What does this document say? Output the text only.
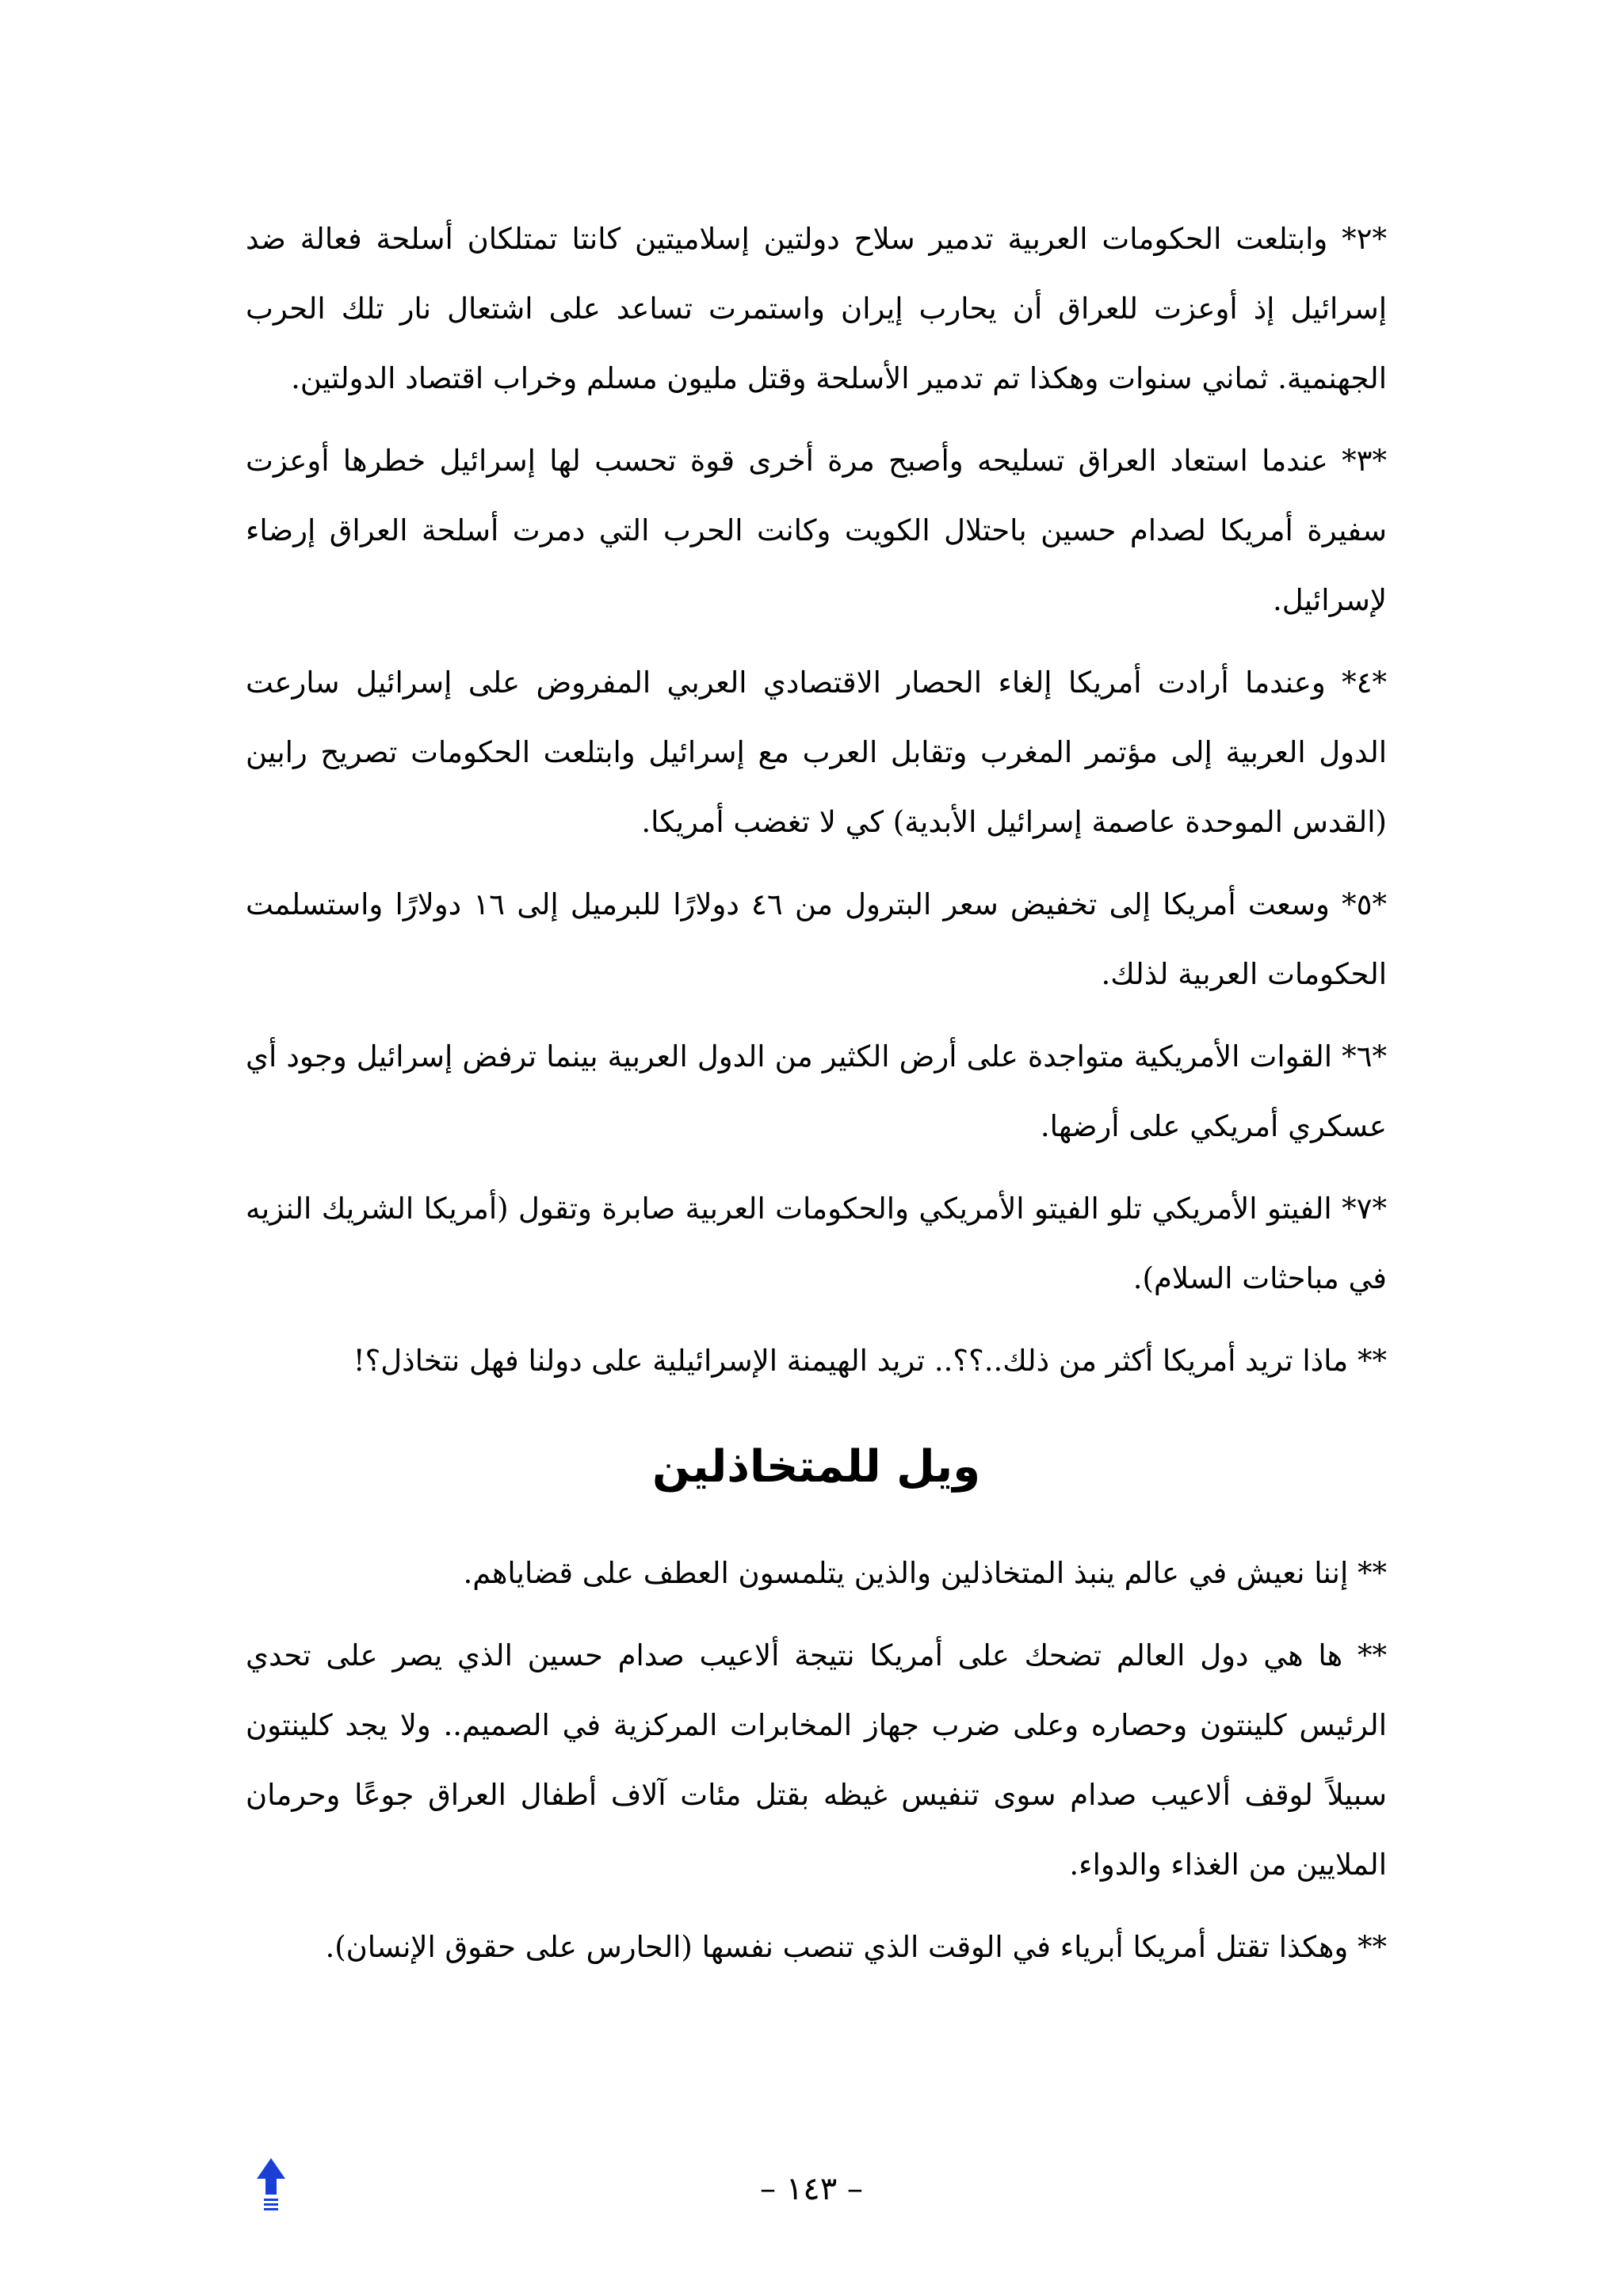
*٢* وابتلعت الحكومات العربية تدمير سلاح دولتين إسلاميتين كانتا تمتلكان أسلحة فعالة ضد إسرائيل إذ أوعزت للعراق أن يحارب إيران واستمرت تساعد على اشتعال نار تلك الحرب الجهنمية. ثماني سنوات وهكذا تم تدمير الأسلحة وقتل مليون مسلم وخراب اقتصاد الدولتين.

*٣* عندما استعاد العراق تسليحه وأصبح مرة أخرى قوة تحسب لها إسرائيل خطرها أوعزت سفيرة أمريكا لصدام حسين باحتلال الكويت وكانت الحرب التي دمرت أسلحة العراق إرضاء لإسرائيل.

*٤* وعندما أرادت أمريكا إلغاء الحصار الاقتصادي العربي المفروض على إسرائيل سارعت الدول العربية إلى مؤتمر المغرب وتقابل العرب مع إسرائيل وابتلعت الحكومات تصريح رابين (القدس الموحدة عاصمة إسرائيل الأبدية) كي لا تغضب أمريكا.

*٥* وسعت أمريكا إلى تخفيض سعر البترول من ٤٦ دولارًا للبرميل إلى ١٦ دولارًا واستسلمت الحكومات العربية لذلك.

*٦* القوات الأمريكية متواجدة على أرض الكثير من الدول العربية بينما ترفض إسرائيل وجود أي عسكري أمريكي على أرضها.

*٧* الفيتو الأمريكي تلو الفيتو الأمريكي والحكومات العربية صابرة وتقول (أمريكا الشريك النزيه في مباحثات السلام).

** ماذا تريد أمريكا أكثر من ذلك..؟؟.. تريد الهيمنة الإسرائيلية على دولنا فهل نتخاذل؟!

ويل للمتخاذلين

** إننا نعيش في عالم ينبذ المتخاذلين والذين يتلمسون العطف على قضاياهم.

** ها هي دول العالم تضحك على أمريكا نتيجة ألاعيب صدام حسين الذي يصر على تحدي الرئيس كلينتون وحصاره وعلى ضرب جهاز المخابرات المركزية في الصميم.. ولا يجد كلينتون سبيلاً لوقف ألاعيب صدام سوى تنفيس غيظه بقتل مئات آلاف أطفال العراق جوعًا وحرمان الملايين من الغذاء والدواء.

** وهكذا تقتل أمريكا أبرياء في الوقت الذي تنصب نفسها (الحارس على حقوق الإنسان).

– ١٤٣ –
